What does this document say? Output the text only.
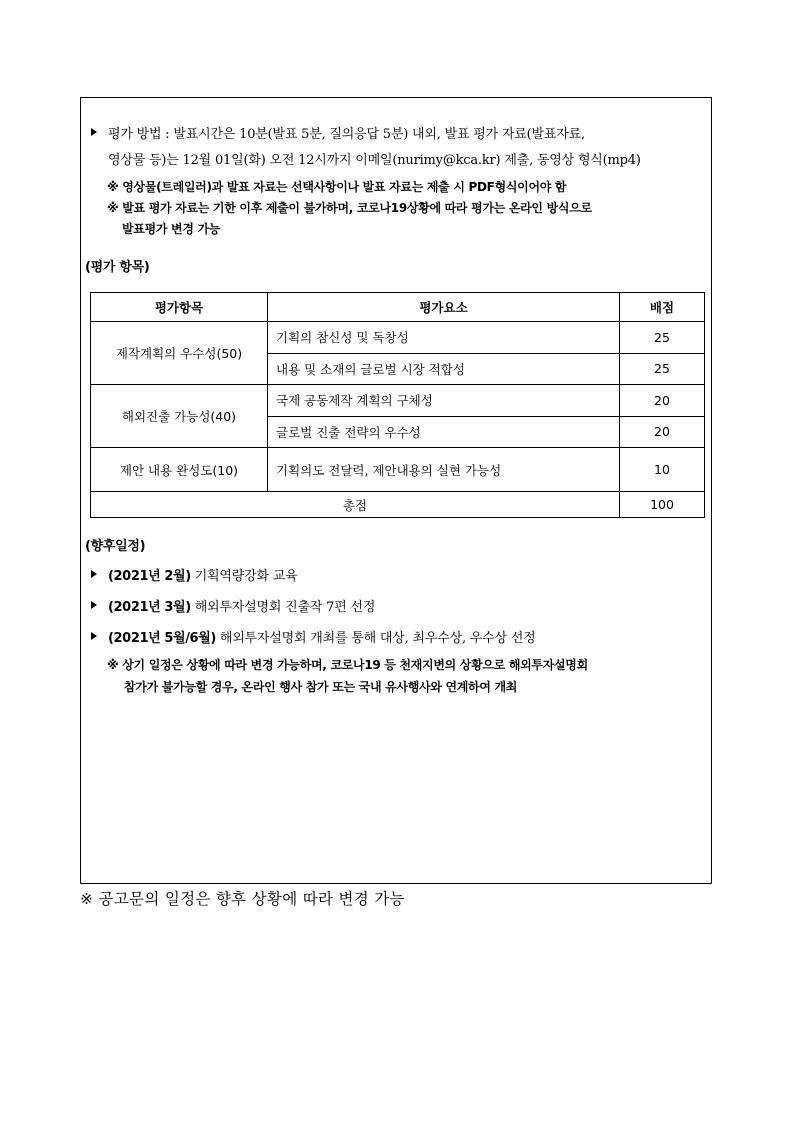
평가 방법 : 발표시간은 10분(발표 5분, 질의응답 5분) 내외, 발표 평가 자료(발표자료,
영상물 등)는 12월 01일(화) 오전 12시까지 이메일(nurimy@kca.kr) 제출, 동영상 형식(mp4)
※ 영상물(트레일러)과 발표 자료는 선택사항이나 발표 자료는 제출 시 PDF형식이어야 함
※ 발표 평가 자료는 기한 이후 제출이 불가하며, 코로나19상황에 따라 평가는 온라인 방식으로
발표평가 변경 가능
(평가 항목)
평가항목	평가요소	배점
제작계획의 우수성(50)	기획의 참신성 및 독창성	25
	내용 및 소재의 글로벌 시장 적합성	25
해외진출 가능성(40)	국제 공동제작 계획의 구체성	20
	글로벌 진출 전략의 우수성	20
제안 내용 완성도(10)	기획의도 전달력, 제안내용의 실현 가능성	10
총점		100
(향후일정)
(2021년 2월) 기획역량강화 교육
(2021년 3월) 해외투자설명회 진출작 7편 선정
(2021년 5월/6월) 해외투자설명회 개최를 통해 대상, 최우수상, 우수상 선정
※ 상기 일정은 상황에 따라 변경 가능하며, 코로나19 등 천재지변의 상황으로 해외투자설명회
참가가 불가능할 경우, 온라인 행사 참가 또는 국내 유사행사와 연계하여 개최
※ 공고문의 일정은 향후 상황에 따라 변경 가능
